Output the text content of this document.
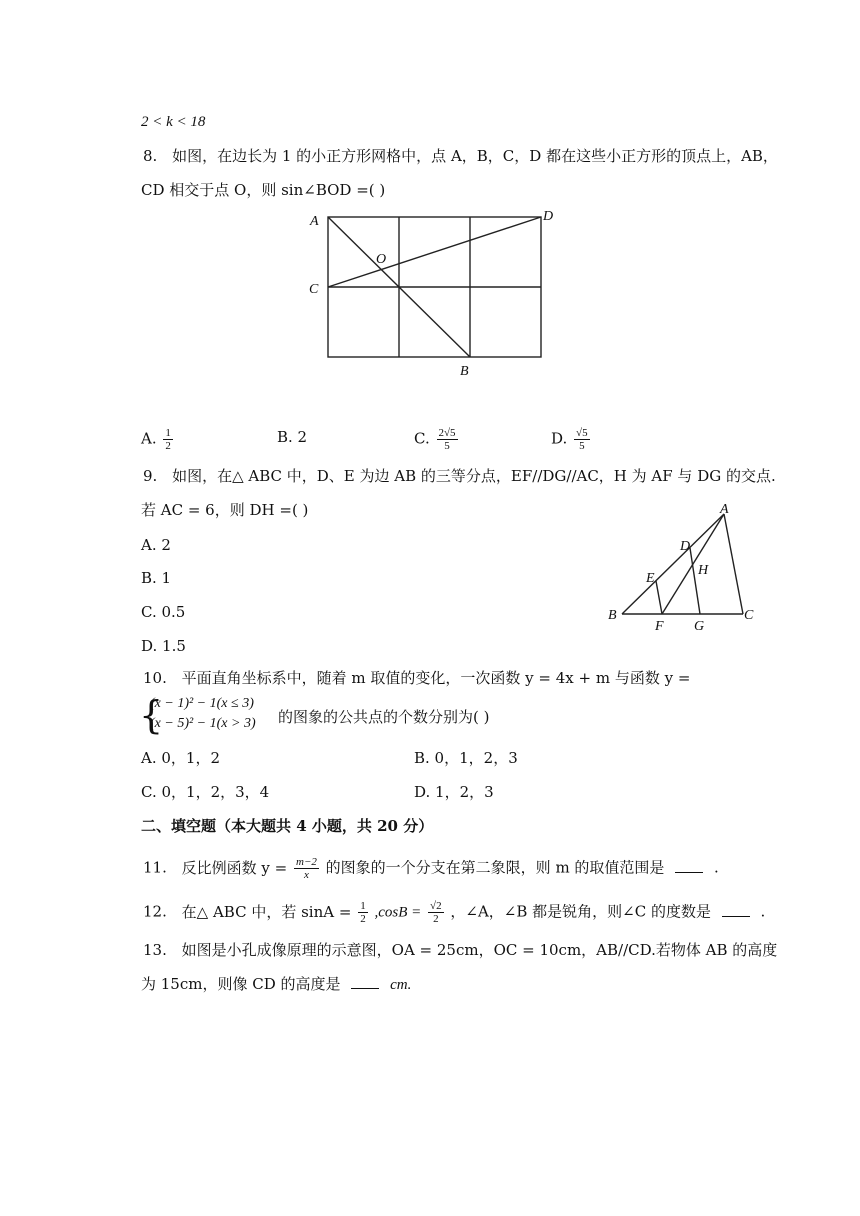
2 < k < 18
8. 如图，在边长为 1 的小正方形网格中，点 A，B，C，D 都在这些小正方形的顶点上，AB，
CD 相交于点 O，则 sin∠BOD =( )
A	D
C
O
B
A. $\frac{1}{2}$	B. 2	C. $\frac{2√5}{5}$	D. $\frac{√5}{5}$
9. 如图，在△ ABC 中，D、E 为边 AB 的三等分点，EF//DG//AC，H 为 AF 与 DG 的交点.
若 AC = 6，则 DH =( )
A. 2
B. 1
C. 0.5
D. 1.5
A
D
H
E
B
F G
C
10. 平面直角坐标系中，随着 m 取值的变化，一次函数 y = 4x + m 与函数 y =
{
(x − 1)² − 1(x ≤ 3)
(x − 5)² − 1(x > 3) 的图象的公共点的个数分别为( )
A. 0，1，2	B. 0，1，2，3
C. 0，1，2，3，4	D. 1，2，3
二、填空题（本大题共 4 小题，共 20 分）
11. 反比例函数 $y = \frac{m-2}{x}$ 的图象的一个分支在第二象限，则 m 的取值范围是	.
12. 在△ ABC 中，若 $\sin A = \frac{1}{2} ,\cos B = \frac{√2}{2}$ ，∠A，∠B 都是锐角，则∠C 的度数是	.
13. 如图是小孔成像原理的示意图，OA = 25cm，OC = 10cm，AB//CD.若物体 AB 的高度
为 15cm，则像 CD 的高度是	cm.
